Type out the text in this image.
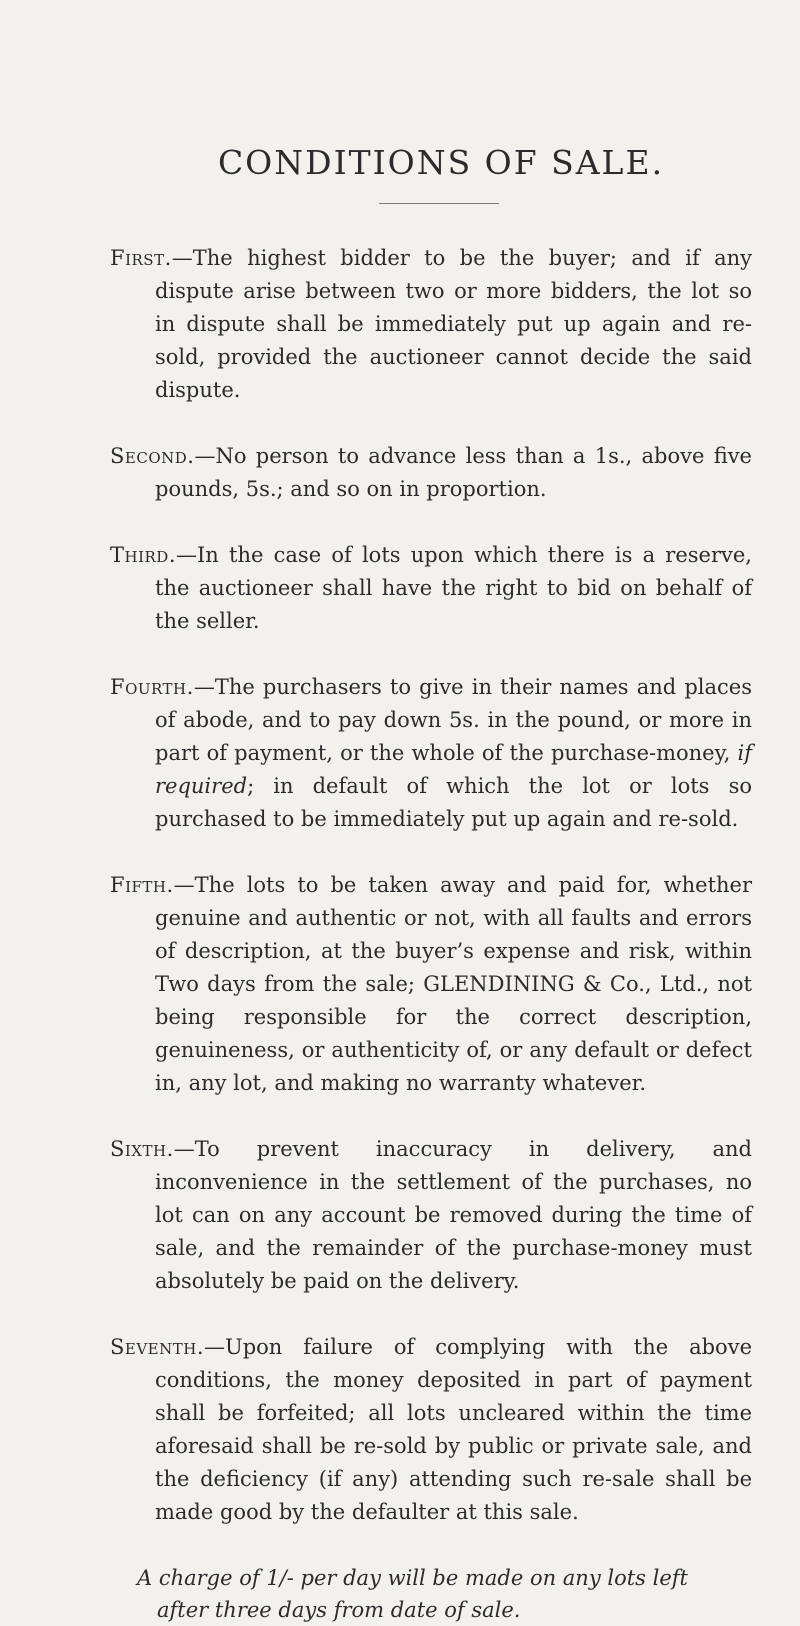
CONDITIONS OF SALE.

First.—The highest bidder to be the buyer; and if any dispute arise between two or more bidders, the lot so in dispute shall be immediately put up again and re-sold, provided the auctioneer cannot decide the said dispute.

Second.—No person to advance less than a 1s., above five pounds, 5s.; and so on in proportion.

Third.—In the case of lots upon which there is a reserve, the auctioneer shall have the right to bid on behalf of the seller.

Fourth.—The purchasers to give in their names and places of abode, and to pay down 5s. in the pound, or more in part of payment, or the whole of the purchase-money, if required; in default of which the lot or lots so purchased to be immediately put up again and re-sold.

Fifth.—The lots to be taken away and paid for, whether genuine and authentic or not, with all faults and errors of description, at the buyer’s expense and risk, within Two days from the sale; GLENDINING & Co., Ltd., not being responsible for the correct description, genuineness, or authenticity of, or any default or defect in, any lot, and making no warranty whatever.

Sixth.—To prevent inaccuracy in delivery, and inconvenience in the settlement of the purchases, no lot can on any account be removed during the time of sale, and the remainder of the purchase-money must absolutely be paid on the delivery.

Seventh.—Upon failure of complying with the above conditions, the money deposited in part of payment shall be forfeited; all lots uncleared within the time aforesaid shall be re-sold by public or private sale, and the deficiency (if any) attending such re-sale shall be made good by the defaulter at this sale.

A charge of 1/- per day will be made on any lots left
after three days from date of sale.
